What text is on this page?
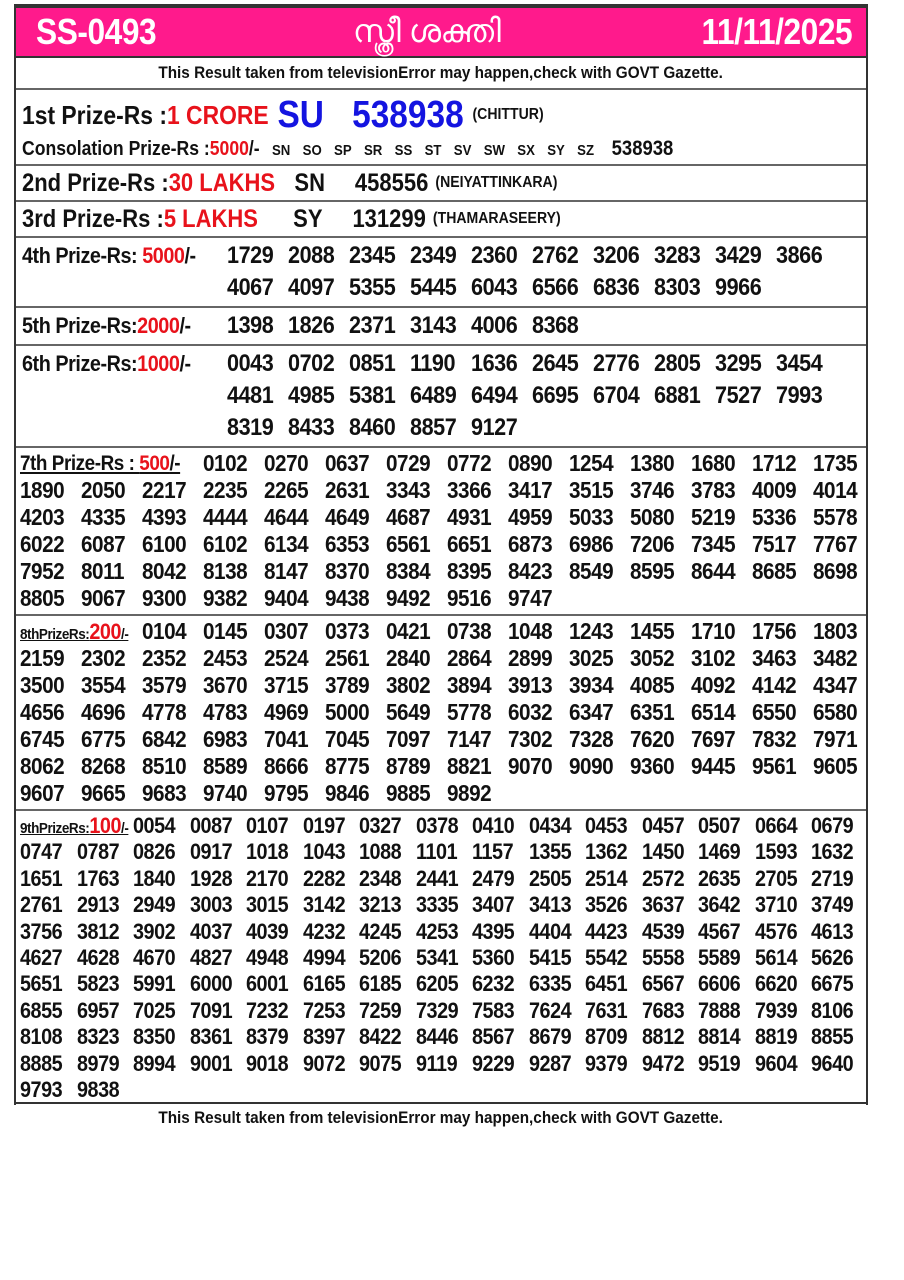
SS-0493	സ്ത്രീ ശക്തി	11/11/2025
This Result taken from televisionError may happen,check with GOVT Gazette.
1st Prize-Rs : 1 CRORE SU 538938 (CHITTUR)
Consolation Prize-Rs : 5000 /- SN SO SP SR SS ST SV SW SX SY SZ 538938
2nd Prize-Rs : 30 LAKHS SN 458556 (NEIYATTINKARA)
3rd Prize-Rs : 5 LAKHS SY 131299 (THAMARASEERY)
4th Prize-Rs: 5000/-	1729 2088 2345 2349 2360 2762 3206 3283 3429 3866
4067 4097 5355 5445 6043 6566 6836 8303 9966
5th Prize-Rs:2000/-	1398 1826 2371 3143 4006 8368
6th Prize-Rs:1000/-	0043 0702 0851 1190 1636 2645 2776 2805 3295 3454
4481 4985 5381 6489 6494 6695 6704 6881 7527 7993
8319 8433 8460 8857 9127
7th Prize-Rs : 500/- 0102 0270 0637 0729 0772 0890 1254 1380 1680 1712 1735
1890 2050 2217 2235 2265 2631 3343 3366 3417 3515 3746 3783 4009 4014
4203 4335 4393 4444 4644 4649 4687 4931 4959 5033 5080 5219 5336 5578
6022 6087 6100 6102 6134 6353 6561 6651 6873 6986 7206 7345 7517 7767
7952 8011 8042 8138 8147 8370 8384 8395 8423 8549 8595 8644 8685 8698
8805 9067 9300 9382 9404 9438 9492 9516 9747
8thPrizeRs:200/- 0104 0145 0307 0373 0421 0738 1048 1243 1455 1710 1756 1803
2159 2302 2352 2453 2524 2561 2840 2864 2899 3025 3052 3102 3463 3482
3500 3554 3579 3670 3715 3789 3802 3894 3913 3934 4085 4092 4142 4347
4656 4696 4778 4783 4969 5000 5649 5778 6032 6347 6351 6514 6550 6580
6745 6775 6842 6983 7041 7045 7097 7147 7302 7328 7620 7697 7832 7971
8062 8268 8510 8589 8666 8775 8789 8821 9070 9090 9360 9445 9561 9605
9607 9665 9683 9740 9795 9846 9885 9892
9thPrizeRs:100/- 0054 0087 0107 0197 0327 0378 0410 0434 0453 0457 0507 0664 0679
0747 0787 0826 0917 1018 1043 1088 1101 1157 1355 1362 1450 1469 1593 1632
1651 1763 1840 1928 2170 2282 2348 2441 2479 2505 2514 2572 2635 2705 2719
2761 2913 2949 3003 3015 3142 3213 3335 3407 3413 3526 3637 3642 3710 3749
3756 3812 3902 4037 4039 4232 4245 4253 4395 4404 4423 4539 4567 4576 4613
4627 4628 4670 4827 4948 4994 5206 5341 5360 5415 5542 5558 5589 5614 5626
5651 5823 5991 6000 6001 6165 6185 6205 6232 6335 6451 6567 6606 6620 6675
6855 6957 7025 7091 7232 7253 7259 7329 7583 7624 7631 7683 7888 7939 8106
8108 8323 8350 8361 8379 8397 8422 8446 8567 8679 8709 8812 8814 8819 8855
8885 8979 8994 9001 9018 9072 9075 9119 9229 9287 9379 9472 9519 9604 9640
9793 9838
This Result taken from televisionError may happen,check with GOVT Gazette.
